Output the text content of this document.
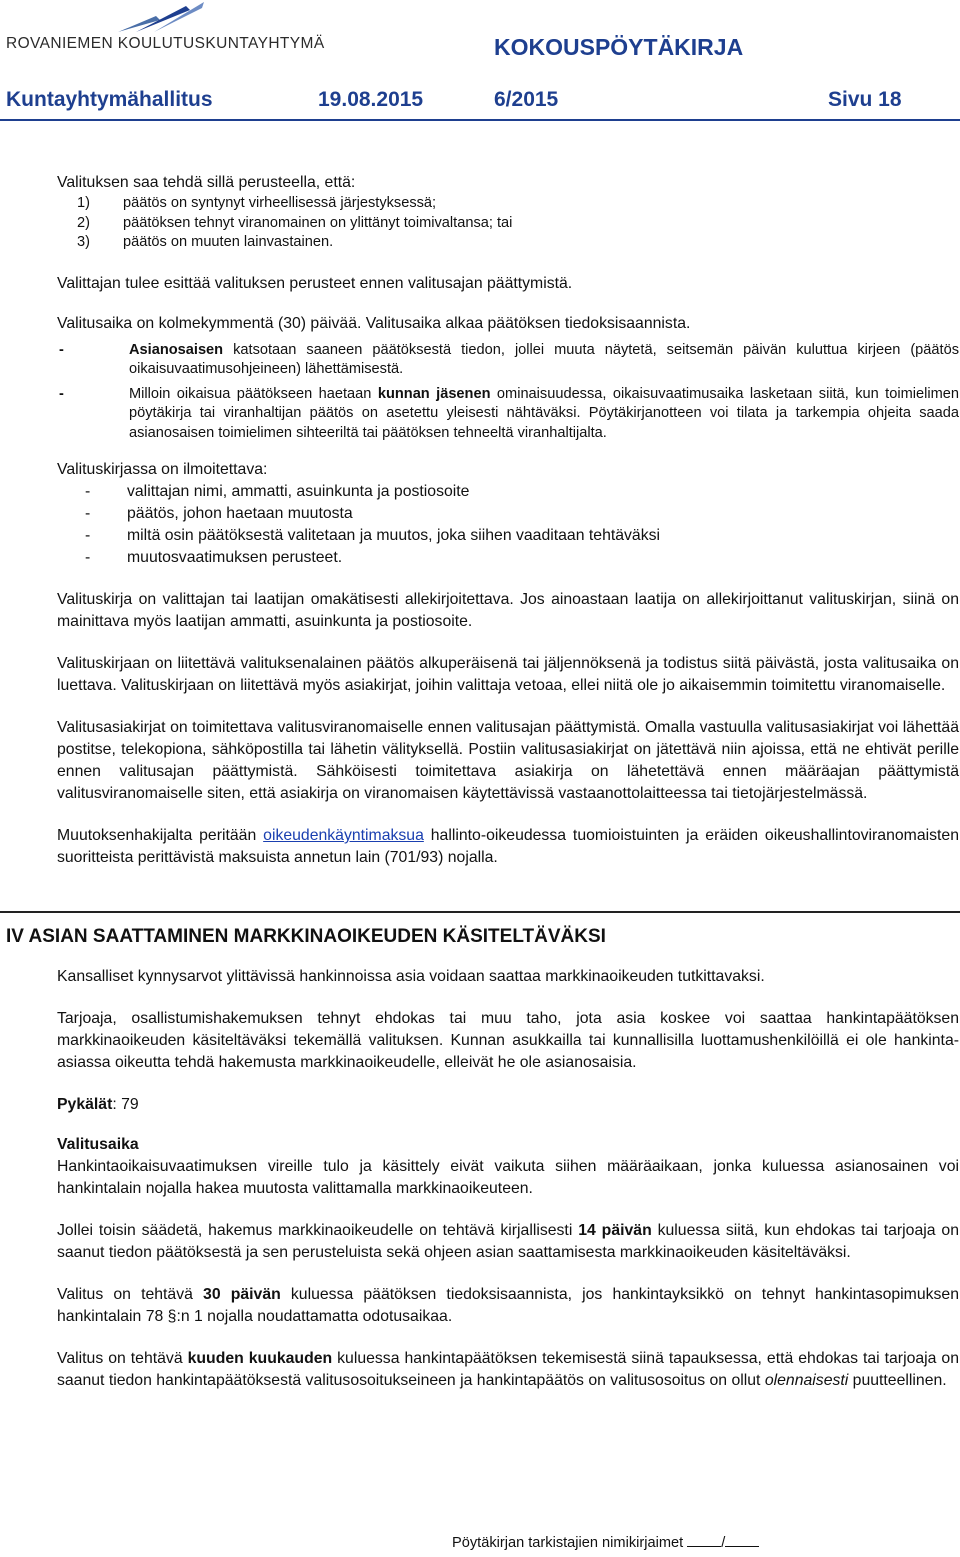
ROVANIEMEN KOULUTUSKUNTAYHTYMÄ	KOKOUSPÖYTÄKIRJA
Kuntayhtymähallitus	19.08.2015	6/2015	Sivu 18

Valituksen saa tehdä sillä perusteella, että:

1)	päätös on syntynyt virheellisessä järjestyksessä;
2)	päätöksen tehnyt viranomainen on ylittänyt toimivaltansa; tai
3)	päätös on muuten lainvastainen.

Valittajan tulee esittää valituksen perusteet ennen valitusajan päättymistä.

Valitusaika on kolmekymmentä (30) päivää. Valitusaika alkaa päätöksen tiedoksisaannista.

-	Asianosaisen katsotaan saaneen päätöksestä tiedon, jollei muuta näytetä, seitsemän päivän kuluttua kirjeen (päätös oikaisuvaatimusohjeineen) lähettämisestä.
-	Milloin oikaisua päätökseen haetaan kunnan jäsenen ominaisuudessa, oikaisuvaatimusaika lasketaan siitä, kun toimielimen pöytäkirja tai viranhaltijan päätös on asetettu yleisesti nähtäväksi. Pöytäkirjanotteen voi tilata ja tarkempia ohjeita saada asianosaisen toimielimen sihteeriltä tai päätöksen tehneeltä viranhaltijalta.

Valituskirjassa on ilmoitettava:

-	valittajan nimi, ammatti, asuinkunta ja postiosoite
-	päätös, johon haetaan muutosta
-	miltä osin päätöksestä valitetaan ja muutos, joka siihen vaaditaan tehtäväksi
-	muutosvaatimuksen perusteet.

Valituskirja on valittajan tai laatijan omakätisesti allekirjoitettava. Jos ainoastaan laatija on allekirjoittanut valituskirjan, siinä on mainittava myös laatijan ammatti, asuinkunta ja postiosoite.

Valituskirjaan on liitettävä valituksenalainen päätös alkuperäisenä tai jäljennöksenä ja todistus siitä päivästä, josta valitusaika on luettava. Valituskirjaan on liitettävä myös asiakirjat, joihin valittaja vetoaa, ellei niitä ole jo aikaisemmin toimitettu viranomaiselle.

Valitusasiakirjat on toimitettava valitusviranomaiselle ennen valitusajan päättymistä. Omalla vastuulla valitusasiakirjat voi lähettää postitse, telekopiona, sähköpostilla tai lähetin välityksellä. Postiin valitusasiakirjat on jätettävä niin ajoissa, että ne ehtivät perille ennen valitusajan päättymistä. Sähköisesti toimitettava asiakirja on lähetettävä ennen määräajan päättymistä valitusviranomaiselle siten, että asiakirja on viranomaisen käytettävissä vastaanottolaitteessa tai tietojärjestelmässä.

Muutoksenhakijalta peritään oikeudenkäyntimaksua hallinto-oikeudessa tuomioistuinten ja eräiden oikeushallintoviranomaisten suoritteista perittävistä maksuista annetun lain (701/93) nojalla.

IV ASIAN SAATTAMINEN MARKKINAOIKEUDEN KÄSITELTÄVÄKSI

Kansalliset kynnysarvot ylittävissä hankinnoissa asia voidaan saattaa markkinaoikeuden tutkittavaksi.

Tarjoaja, osallistumishakemuksen tehnyt ehdokas tai muu taho, jota asia koskee voi saattaa hankintapäätöksen markkinaoikeuden käsiteltäväksi tekemällä valituksen. Kunnan asukkailla tai kunnallisilla luottamushenkilöillä ei ole hankinta-asiassa oikeutta tehdä hakemusta markkinaoikeudelle, elleivät he ole asianosaisia.

Pykälät: 79

Valitusaika

Hankintaoikaisuvaatimuksen vireille tulo ja käsittely eivät vaikuta siihen määräaikaan, jonka kuluessa asianosainen voi hankintalain nojalla hakea muutosta valittamalla markkinaoikeuteen.

Jollei toisin säädetä, hakemus markkinaoikeudelle on tehtävä kirjallisesti 14 päivän kuluessa siitä, kun ehdokas tai tarjoaja on saanut tiedon päätöksestä ja sen perusteluista sekä ohjeen asian saattamisesta markkinaoikeuden käsiteltäväksi.

Valitus on tehtävä 30 päivän kuluessa päätöksen tiedoksisaannista, jos hankintayksikkö on tehnyt hankintasopimuksen hankintalain 78 §:n 1 nojalla noudattamatta odotusaikaa.

Valitus on tehtävä kuuden kuukauden kuluessa hankintapäätöksen tekemisestä siinä tapauksessa, että ehdokas tai tarjoaja on saanut tiedon hankintapäätöksestä valitusosoitukseineen ja hankintapäätös on valitusosoitus on ollut olennaisesti puutteellinen.

Pöytäkirjan tarkistajien nimikirjaimet	/
